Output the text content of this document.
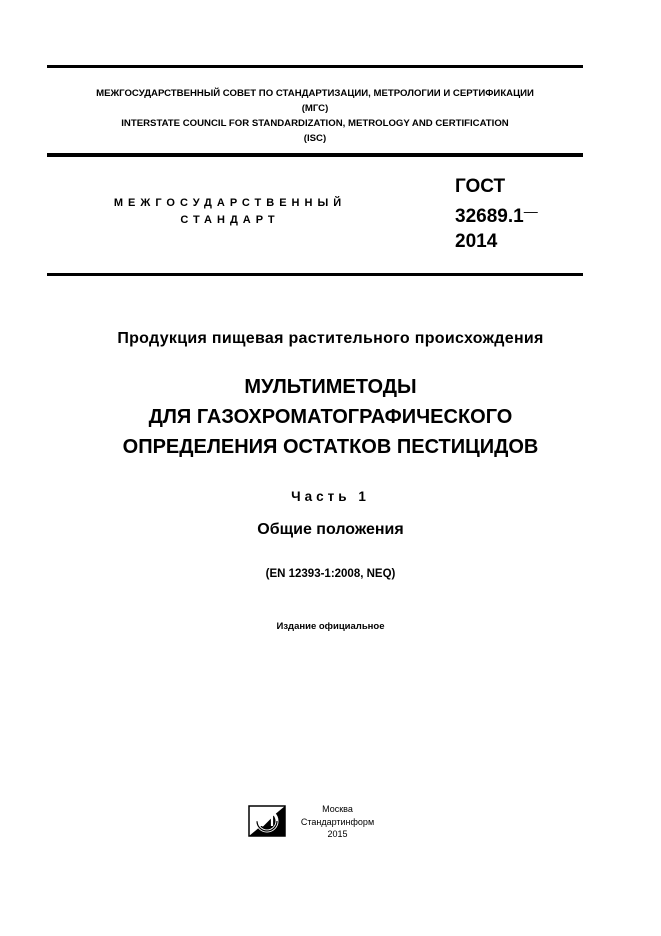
МЕЖГОСУДАРСТВЕННЫЙ СОВЕТ ПО СТАНДАРТИЗАЦИИ, МЕТРОЛОГИИ И СЕРТИФИКАЦИИ
(МГС)
INTERSTATE COUNCIL FOR STANDARDIZATION, METROLOGY AND CERTIFICATION
(ISC)
МЕЖГОСУДАРСТВЕННЫЙ
СТАНДАРТ
ГОСТ
32689.1—
2014
Продукция пищевая растительного происхождения
МУЛЬТИМЕТОДЫ
ДЛЯ ГАЗОХРОМАТОГРАФИЧЕСКОГО
ОПРЕДЕЛЕНИЯ ОСТАТКОВ ПЕСТИЦИДОВ
Часть 1
Общие положения
(EN 12393-1:2008, NEQ)
Издание официальное
Москва
Стандартинформ
2015
